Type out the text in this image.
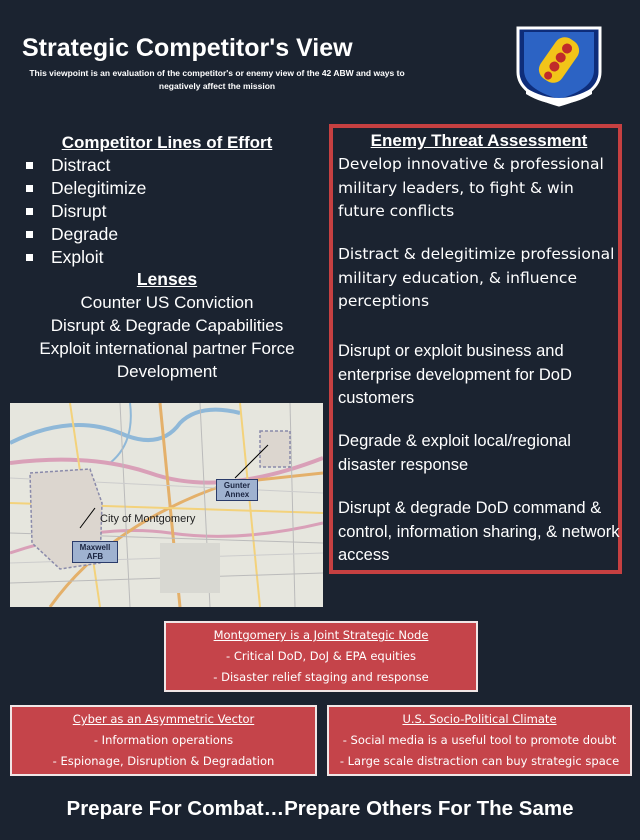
Strategic Competitor's View
This viewpoint is an evaluation of the competitor's or enemy view of the 42 ABW and ways to negatively affect the mission
Competitor Lines of Effort
Distract
Delegitimize
Disrupt
Degrade
Exploit
Lenses
Counter US Conviction
Disrupt & Degrade Capabilities
Exploit international partner Force Development
City of Montgomery
Maxwell AFB
Gunter Annex
Enemy Threat Assessment
Develop innovative & professional military leaders, to fight & win future conflicts
Distract & delegitimize professional military education, & influence perceptions
Disrupt or exploit business and enterprise development for DoD customers
Degrade & exploit local/regional disaster response
Disrupt & degrade DoD command & control, information sharing, & network access
Montgomery is a Joint Strategic Node
- Critical DoD, DoJ & EPA equities
- Disaster relief staging and response
Cyber as an Asymmetric Vector
- Information operations
- Espionage, Disruption & Degradation
U.S. Socio-Political Climate
- Social media is a useful tool to promote doubt
- Large scale distraction can buy strategic space
Prepare For Combat…Prepare Others For The Same
